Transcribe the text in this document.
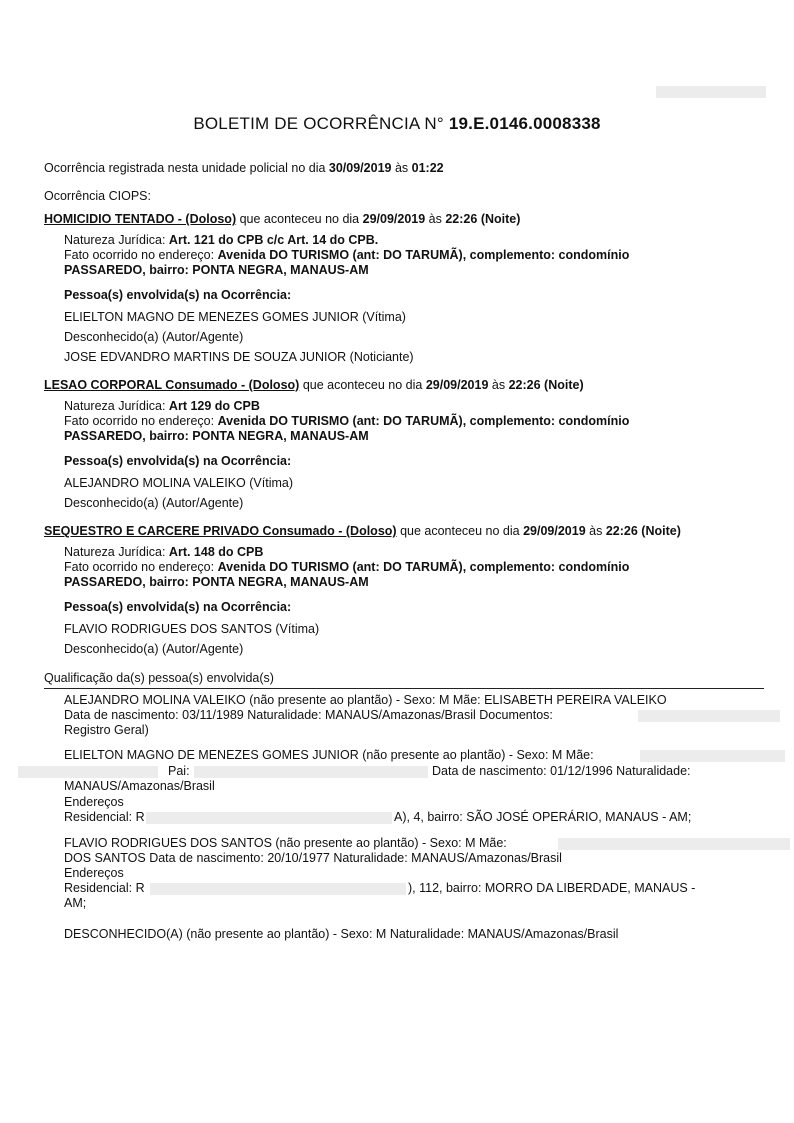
BOLETIM DE OCORRÊNCIA N° 19.E.0146.0008338
Ocorrência registrada nesta unidade policial no dia 30/09/2019 às 01:22
Ocorrência CIOPS:
HOMICIDIO TENTADO - (Doloso) que aconteceu no dia 29/09/2019 às 22:26 (Noite)
Natureza Jurídica: Art. 121 do CPB c/c Art. 14 do CPB.
Fato ocorrido no endereço: Avenida DO TURISMO (ant: DO TARUMÃ), complemento: condomínio
PASSAREDO, bairro: PONTA NEGRA, MANAUS-AM
Pessoa(s) envolvida(s) na Ocorrência:
ELIELTON MAGNO DE MENEZES GOMES JUNIOR (Vítima)
Desconhecido(a) (Autor/Agente)
JOSE EDVANDRO MARTINS DE SOUZA JUNIOR (Noticiante)
LESAO CORPORAL Consumado - (Doloso) que aconteceu no dia 29/09/2019 às 22:26 (Noite)
Natureza Jurídica: Art 129 do CPB
Fato ocorrido no endereço: Avenida DO TURISMO (ant: DO TARUMÃ), complemento: condomínio
PASSAREDO, bairro: PONTA NEGRA, MANAUS-AM
Pessoa(s) envolvida(s) na Ocorrência:
ALEJANDRO MOLINA VALEIKO (Vítima)
Desconhecido(a) (Autor/Agente)
SEQUESTRO E CARCERE PRIVADO Consumado - (Doloso) que aconteceu no dia 29/09/2019 às 22:26 (Noite)
Natureza Jurídica: Art. 148 do CPB
Fato ocorrido no endereço: Avenida DO TURISMO (ant: DO TARUMÃ), complemento: condomínio
PASSAREDO, bairro: PONTA NEGRA, MANAUS-AM
Pessoa(s) envolvida(s) na Ocorrência:
FLAVIO RODRIGUES DOS SANTOS (Vítima)
Desconhecido(a) (Autor/Agente)
Qualificação da(s) pessoa(s) envolvida(s)
ALEJANDRO MOLINA VALEIKO (não presente ao plantão) - Sexo: M Mãe: ELISABETH PEREIRA VALEIKO
Data de nascimento: 03/11/1989 Naturalidade: MANAUS/Amazonas/Brasil Documentos:
Registro Geral)
ELIELTON MAGNO DE MENEZES GOMES JUNIOR (não presente ao plantão) - Sexo: M Mãe:
Pai:	Data de nascimento: 01/12/1996 Naturalidade:
MANAUS/Amazonas/Brasil
Endereços
Residencial: R	A), 4, bairro: SÃO JOSÉ OPERÁRIO, MANAUS - AM;
FLAVIO RODRIGUES DOS SANTOS (não presente ao plantão) - Sexo: M Mãe:
DOS SANTOS Data de nascimento: 20/10/1977 Naturalidade: MANAUS/Amazonas/Brasil
Endereços
Residencial: R	), 112, bairro: MORRO DA LIBERDADE, MANAUS -
AM;
DESCONHECIDO(A) (não presente ao plantão) - Sexo: M Naturalidade: MANAUS/Amazonas/Brasil
